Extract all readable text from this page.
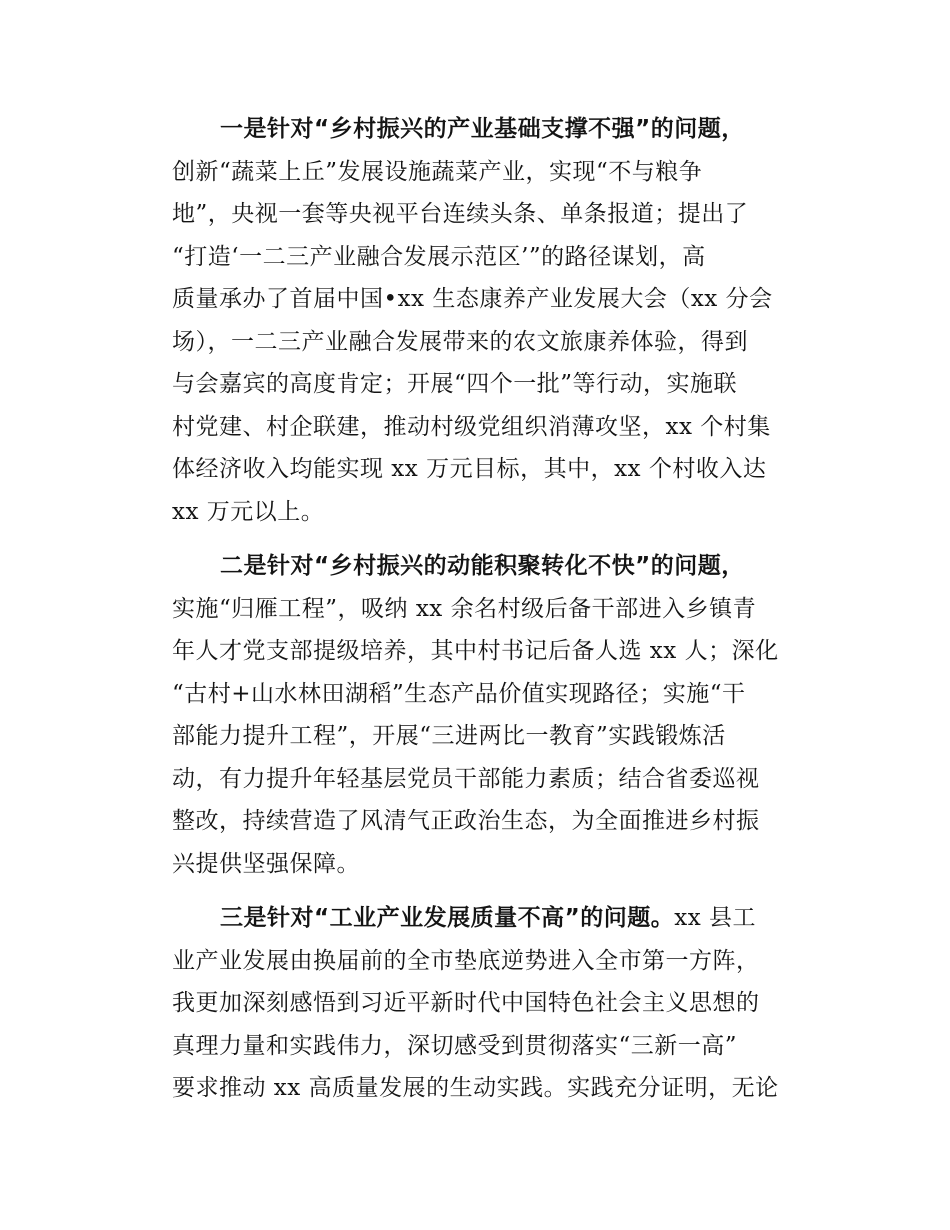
一是针对“乡村振兴的产业基础支撑不强”的问题，
创新“蔬菜上丘”发展设施蔬菜产业，实现“不与粮争
地”，央视一套等央视平台连续头条、单条报道；提出了
“打造‘一二三产业融合发展示范区’”的路径谋划，高
质量承办了首届中国•xx 生态康养产业发展大会（xx 分会
场），一二三产业融合发展带来的农文旅康养体验，得到
与会嘉宾的高度肯定；开展“四个一批”等行动，实施联
村党建、村企联建，推动村级党组织消薄攻坚，xx 个村集
体经济收入均能实现 xx 万元目标，其中，xx 个村收入达
xx 万元以上。
二是针对“乡村振兴的动能积聚转化不快”的问题，
实施“归雁工程”，吸纳 xx 余名村级后备干部进入乡镇青
年人才党支部提级培养，其中村书记后备人选 xx 人；深化
“古村+山水林田湖稻”生态产品价值实现路径；实施“干
部能力提升工程”，开展“三进两比一教育”实践锻炼活
动，有力提升年轻基层党员干部能力素质；结合省委巡视
整改，持续营造了风清气正政治生态，为全面推进乡村振
兴提供坚强保障。
三是针对“工业产业发展质量不高”的问题。xx 县工
业产业发展由换届前的全市垫底逆势进入全市第一方阵，
我更加深刻感悟到习近平新时代中国特色社会主义思想的
真理力量和实践伟力，深切感受到贯彻落实“三新一高”
要求推动 xx 高质量发展的生动实践。实践充分证明，无论
